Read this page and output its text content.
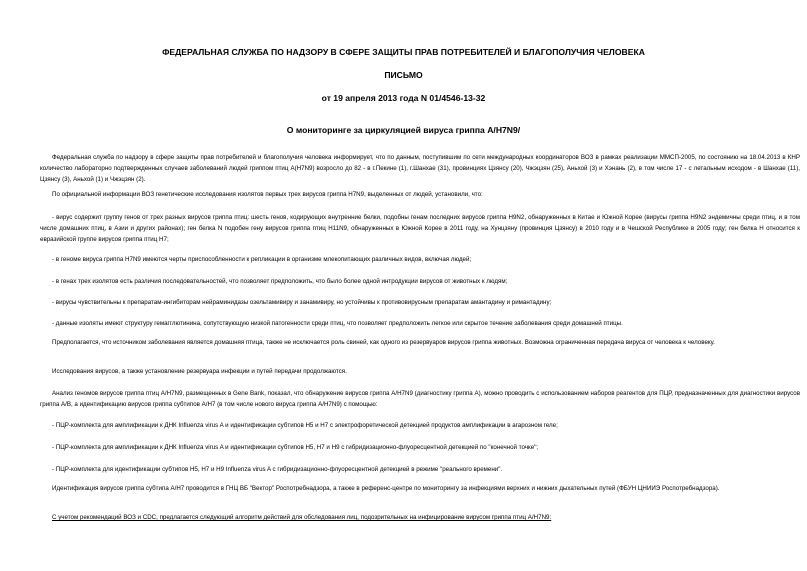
ФЕДЕРАЛЬНАЯ СЛУЖБА ПО НАДЗОРУ В СФЕРЕ ЗАЩИТЫ ПРАВ ПОТРЕБИТЕЛЕЙ И БЛАГОПОЛУЧИЯ ЧЕЛОВЕКА
ПИСЬМО
от 19 апреля 2013 года N 01/4546-13-32
О мониторинге за циркуляцией вируса гриппа A/H7N9/

Федеральная служба по надзору в сфере защиты прав потребителей и благополучия человека информирует, что по данным, поступившим по сети международных координаторов ВОЗ в рамках реализации ММСП-2005, по состоянию на 18.04.2013 в КНР количество лабораторно подтвержденных случаев заболеваний людей гриппом птиц A(H7N9) возросло до 82 - в г.Пекине (1), г.Шанхае (31), провинциях Цзянсу (20), Чжэцзян (25), Аньхой (3) и Хэнань (2), в том числе 17 - с летальным исходом - в Шанхае (11), Цзянсу (3), Аньхой (1) и Чжэцзян (2).

По официальной информации ВОЗ генетические исследования изолятов первых трех вирусов гриппа H7N9, выделенных от людей, установили, что:

- вирус содержит группу генов от трех разных вирусов гриппа птиц: шесть генов, кодирующих внутренние белки, подобны генам последних вирусов гриппа H9N2, обнаруженных в Китае и Южной Корее (вирусы гриппа H9N2 эндемичны среди птиц, и в том числе домашних птиц, в Азии и других районах); ген белка N подобен гену вирусов гриппа птиц H11N9, обнаруженных в Южной Корее в 2011 году, на Хунцзяну (провинция Цзянсу) в 2010 году и в Чешской Республике в 2005 году; ген белка H относится к евразийской группе вирусов гриппа птиц H7;

- в геноме вируса гриппа H7N9 имеются черты приспособленности к репликации в организме млекопитающих различных видов, включая людей;

- в генах трех изолятов есть различия последовательностей, что позволяет предположить, что было более одной интродукции вирусов от животных к людям;

- вирусы чувствительны к препаратам-ингибиторам нейраминидазы озельтамивиру и занамивиру, но устойчивы к противовирусным препаратам амантадину и римантадину;

- данные изоляты имеют структуру гемагглютинина, сопутствующую низкой патогенности среди птиц, что позволяет предположить легкое или скрытое течение заболевания среди домашней птицы.

Предполагается, что источником заболевания является домашняя птица, также не исключается роль свиней, как одного из резервуаров вирусов гриппа животных. Возможна ограниченная передача вируса от человека к человеку.

Исследования вирусов, а также установление резервуара инфекции и путей передачи продолжаются.

Анализ геномов вирусов гриппа птиц A/H7N9, размещенных в Gene Bank, показал, что обнаружение вирусов гриппа A/H7N9 (диагностику гриппа А), можно проводить с использованием наборов реагентов для ПЦР, предназначенных для диагностики вирусов гриппа A/B, а идентификацию вирусов гриппа субтипов A/H7 (в том числе нового вируса гриппа A/H7N9) с помощью:

- ПЦР-комплекта для амплификации к ДНК Influenza virus A и идентификации субтипов H5 и H7 с электрофоретической детекцией продуктов амплификации в агарозном геле;

- ПЦР-комплекта для амплификации к ДНК Influenza virus A и идентификации субтипов H5, H7 и H9 с гибридизационно-флуоресцентной детекцией по "конечной точке";

- ПЦР-комплекта для идентификации субтипов H5, H7 и H9 Influenza virus A с гибридизационно-флуоресцентной детекцией в режиме "реального времени".

Идентификация вирусов гриппа субтипа A/H7 проводится в ГНЦ ВБ "Вектор" Роспотребнадзора, а также в референс-центре по мониторингу за инфекциями верхних и нижних дыхательных путей (ФБУН ЦНИИЭ Роспотребнадзора).

С учетом рекомендаций ВОЗ и CDC, предлагается следующий алгоритм действий для обследования лиц, подозрительных на инфицирование вирусом гриппа птиц A/H7N9:
